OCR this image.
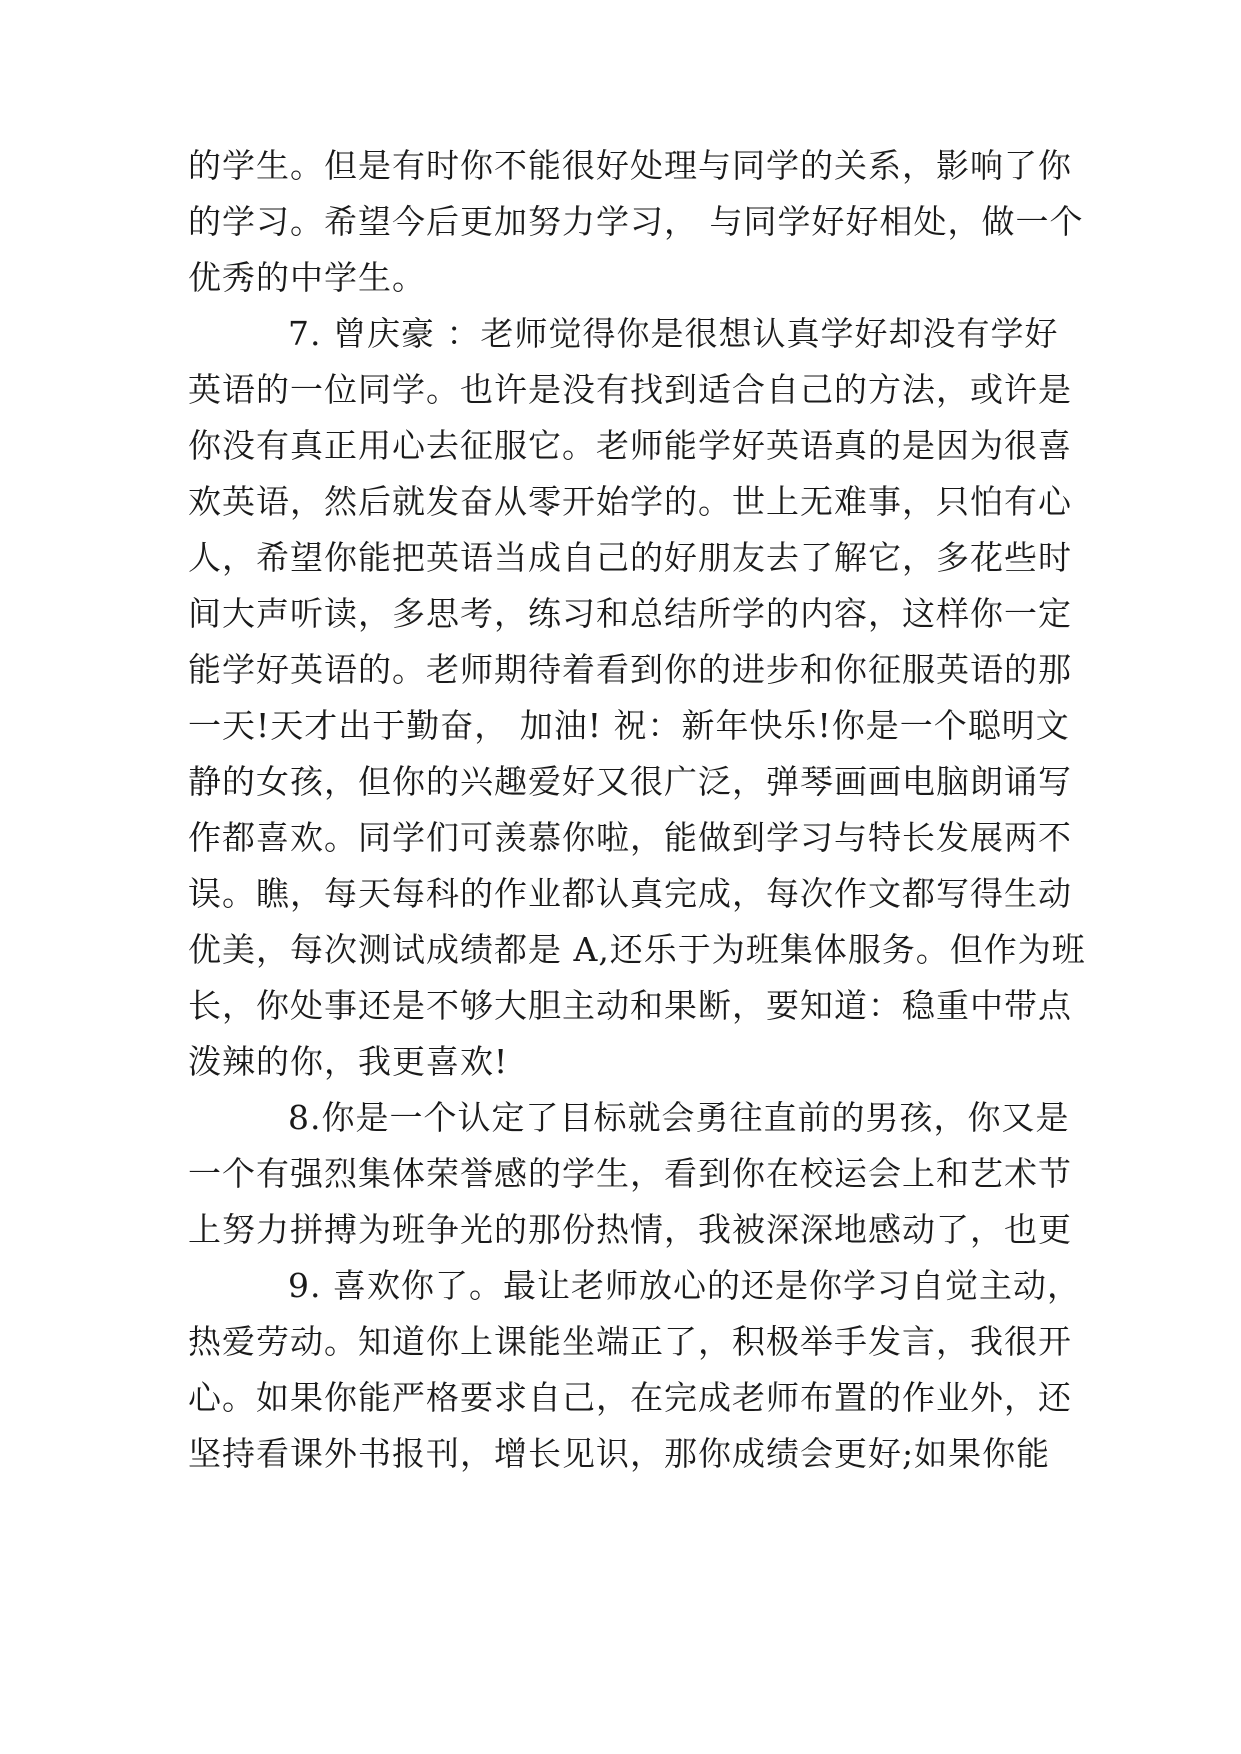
的学生。但是有时你不能很好处理与同学的关系，影响了你
的学习。希望今后更加努力学习， 与同学好好相处，做一个
优秀的中学生。
7. 曾庆豪 ：老师觉得你是很想认真学好却没有学好
英语的一位同学。也许是没有找到适合自己的方法，或许是
你没有真正用心去征服它。老师能学好英语真的是因为很喜
欢英语，然后就发奋从零开始学的。世上无难事，只怕有心
人，希望你能把英语当成自己的好朋友去了解它，多花些时
间大声听读，多思考，练习和总结所学的内容，这样你一定
能学好英语的。老师期待着看到你的进步和你征服英语的那
一天!天才出于勤奋， 加油! 祝：新年快乐!你是一个聪明文
静的女孩，但你的兴趣爱好又很广泛，弹琴画画电脑朗诵写
作都喜欢。同学们可羡慕你啦，能做到学习与特长发展两不
误。瞧，每天每科的作业都认真完成，每次作文都写得生动
优美，每次测试成绩都是 A,还乐于为班集体服务。但作为班
长，你处事还是不够大胆主动和果断，要知道：稳重中带点
泼辣的你，我更喜欢!
8.你是一个认定了目标就会勇往直前的男孩，你又是
一个有强烈集体荣誉感的学生，看到你在校运会上和艺术节
上努力拼搏为班争光的那份热情，我被深深地感动了，也更
9. 喜欢你了。最让老师放心的还是你学习自觉主动，
热爱劳动。知道你上课能坐端正了，积极举手发言，我很开
心。如果你能严格要求自己，在完成老师布置的作业外，还
坚持看课外书报刊，增长见识，那你成绩会更好;如果你能
